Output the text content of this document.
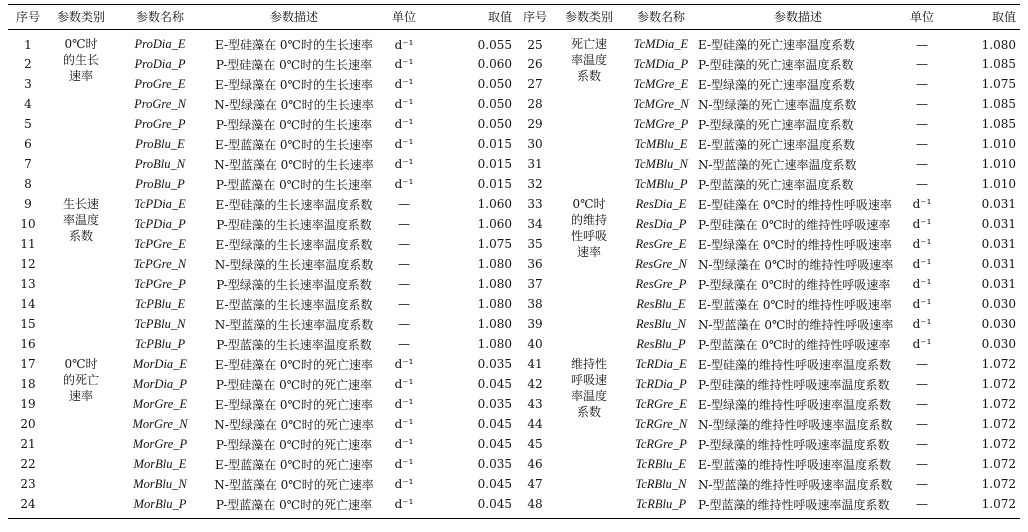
序号	参数类别	参数名称	参数描述	单位	取值	序号	参数类别	参数名称	参数描述	单位	取值
1	0℃时的生长速率	ProDia_E	E-型硅藻在 0℃时的生长速率	d⁻¹	0.055	25	死亡速率温度系数	TcMDia_E	E-型硅藻的死亡速率温度系数	—	1.080
2		ProDia_P	P-型硅藻在 0℃时的生长速率	d⁻¹	0.060	26		TcMDia_P	P-型硅藻的死亡速率温度系数	—	1.085
3		ProGre_E	E-型绿藻在 0℃时的生长速率	d⁻¹	0.050	27		TcMGre_E	E-型绿藻的死亡速率温度系数	—	1.075
4		ProGre_N	N-型绿藻在 0℃时的生长速率	d⁻¹	0.050	28		TcMGre_N	N-型绿藻的死亡速率温度系数	—	1.085
5		ProGre_P	P-型绿藻在 0℃时的生长速率	d⁻¹	0.050	29		TcMGre_P	P-型绿藻的死亡速率温度系数	—	1.085
6		ProBlu_E	E-型蓝藻在 0℃时的生长速率	d⁻¹	0.015	30		TcMBlu_E	E-型蓝藻的死亡速率温度系数	—	1.010
7		ProBlu_N	N-型蓝藻在 0℃时的生长速率	d⁻¹	0.015	31		TcMBlu_N	N-型蓝藻的死亡速率温度系数	—	1.010
8		ProBlu_P	P-型蓝藻在 0℃时的生长速率	d⁻¹	0.015	32		TcMBlu_P	P-型蓝藻的死亡速率温度系数	—	1.010
9	生长速率温度系数	TcPDia_E	E-型硅藻的生长速率温度系数	—	1.060	33	0℃时的维持性呼吸速率	ResDia_E	E-型硅藻在 0℃时的维持性呼吸速率	d⁻¹	0.031
10		TcPDia_P	P-型硅藻的生长速率温度系数	—	1.060	34		ResDia_P	P-型硅藻在 0℃时的维持性呼吸速率	d⁻¹	0.031
11		TcPGre_E	E-型绿藻的生长速率温度系数	—	1.075	35		ResGre_E	E-型绿藻在 0℃时的维持性呼吸速率	d⁻¹	0.031
12		TcPGre_N	N-型绿藻的生长速率温度系数	—	1.080	36		ResGre_N	N-型绿藻在 0℃时的维持性呼吸速率	d⁻¹	0.031
13		TcPGre_P	P-型绿藻的生长速率温度系数	—	1.080	37		ResGre_P	P-型绿藻在 0℃时的维持性呼吸速率	d⁻¹	0.031
14		TcPBlu_E	E-型蓝藻的生长速率温度系数	—	1.080	38		ResBlu_E	E-型蓝藻在 0℃时的维持性呼吸速率	d⁻¹	0.030
15		TcPBlu_N	N-型蓝藻的生长速率温度系数	—	1.080	39		ResBlu_N	N-型蓝藻在 0℃时的维持性呼吸速率	d⁻¹	0.030
16		TcPBlu_P	P-型蓝藻的生长速率温度系数	—	1.080	40		ResBlu_P	P-型蓝藻在 0℃时的维持性呼吸速率	d⁻¹	0.030
17	0℃时的死亡速率	MorDia_E	E-型硅藻在 0℃时的死亡速率	d⁻¹	0.035	41	维持性呼吸速率温度系数	TcRDia_E	E-型硅藻的维持性呼吸速率温度系数	—	1.072
18		MorDia_P	P-型硅藻在 0℃时的死亡速率	d⁻¹	0.045	42		TcRDia_P	P-型硅藻的维持性呼吸速率温度系数	—	1.072
19		MorGre_E	E-型绿藻在 0℃时的死亡速率	d⁻¹	0.035	43		TcRGre_E	E-型绿藻的维持性呼吸速率温度系数	—	1.072
20		MorGre_N	N-型绿藻在 0℃时的死亡速率	d⁻¹	0.045	44		TcRGre_N	N-型绿藻的维持性呼吸速率温度系数	—	1.072
21		MorGre_P	P-型绿藻在 0℃时的死亡速率	d⁻¹	0.045	45		TcRGre_P	P-型绿藻的维持性呼吸速率温度系数	—	1.072
22		MorBlu_E	E-型蓝藻在 0℃时的死亡速率	d⁻¹	0.035	46		TcRBlu_E	E-型蓝藻的维持性呼吸速率温度系数	—	1.072
23		MorBlu_N	N-型蓝藻在 0℃时的死亡速率	d⁻¹	0.045	47		TcRBlu_N	N-型蓝藻的维持性呼吸速率温度系数	—	1.072
24		MorBlu_P	P-型蓝藻在 0℃时的死亡速率	d⁻¹	0.045	48		TcRBlu_P	P-型蓝藻的维持性呼吸速率温度系数	—	1.072
